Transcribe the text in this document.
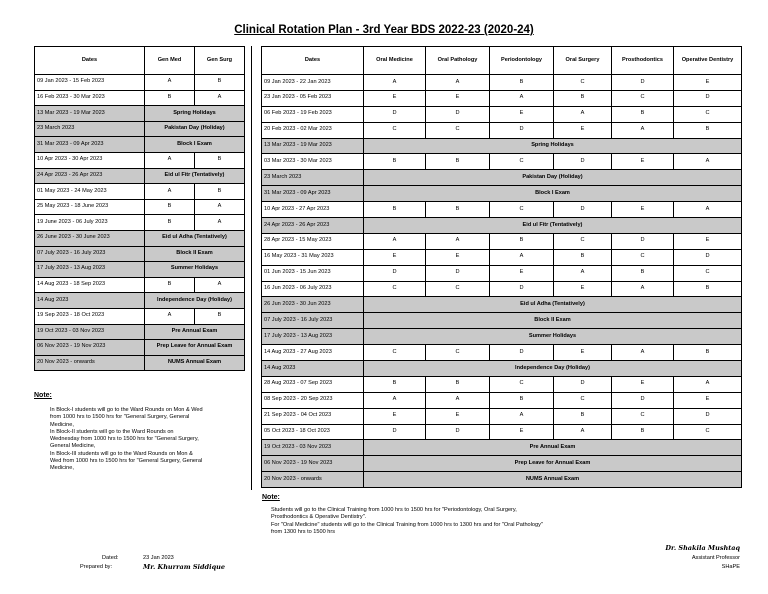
Clinical Rotation Plan - 3rd Year BDS 2022-23 (2020-24)
Dates	Gen Med	Gen Surg
09 Jan 2023 - 15 Feb 2023	A	B
16 Feb 2023 - 30 Mar 2023	B	A
13 Mar 2023 - 19 Mar 2023	Spring Holidays	
23 March 2023	Pakistan Day (Holiday)	
31 Mar 2023 - 09 Apr 2023	Block I Exam	
10 Apr 2023 - 30 Apr 2023	A	B
24 Apr 2023 - 26 Apr 2023	Eid ul Fitr (Tentatively)	
01 May 2023 - 24 May 2023	A	B
25 May 2023 - 18 June 2023	B	A
19 June 2023 - 06 July 2023	B	A
26 June 2023 - 30 June 2023	Eid ul Adha (Tentatively)	
07 July 2023 - 16 July 2023	Block II Exam	
17 July 2023 - 13 Aug 2023	Summer Holidays	
14 Aug 2023 - 18 Sep 2023	B	A
14 Aug 2023	Independence Day (Holiday)	
19 Sep 2023 - 18 Oct 2023	A	B
19 Oct 2023 - 03 Nov 2023	Pre Annual Exam	
06 Nov 2023 - 19 Nov 2023	Prep Leave for Annual Exam	
20 Nov 2023 - onwards	NUMS Annual Exam	
Dates	Oral Medicine	Oral Pathology	Periodontology	Oral Surgery	Prosthodontics	Operative Dentistry
09 Jan 2023 - 22 Jan 2023	A	A	B	C	D	E
23 Jan 2023 - 05 Feb 2023	E	E	A	B	C	D
06 Feb 2023 - 19 Feb 2023	D	D	E	A	B	C
20 Feb 2023 - 02 Mar 2023	C	C	D	E	A	B
13 Mar 2023 - 19 Mar 2023	Spring Holidays					
03 Mar 2023 - 30 Mar 2023	B	B	C	D	E	A
23 March 2023	Pakistan Day (Holiday)					
31 Mar 2023 - 09 Apr 2023	Block I Exam					
10 Apr 2023 - 27 Apr 2023	B	B	C	D	E	A
24 Apr 2023 - 26 Apr 2023	Eid ul Fitr (Tentatively)					
28 Apr 2023 - 15 May 2023	A	A	B	C	D	E
16 May 2023 - 31 May 2023	E	E	A	B	C	D
01 Jun 2023 - 15 Jun 2023	D	D	E	A	B	C
16 Jun 2023 - 06 July 2023	C	C	D	E	A	B
26 Jun 2023 - 30 Jun 2023	Eid ul Adha (Tentatively)					
07 July 2023 - 16 July 2023	Block II Exam					
17 July 2023 - 13 Aug 2023	Summer Holidays					
14 Aug 2023 - 27 Aug 2023	C	C	D	E	A	B
14 Aug 2023	Independence Day (Holiday)					
28 Aug 2023 - 07 Sep 2023	B	B	C	D	E	A
08 Sep 2023 - 20 Sep 2023	A	A	B	C	D	E
21 Sep 2023 - 04 Oct 2023	E	E	A	B	C	D
05 Oct 2023 - 18 Oct 2023	D	D	E	A	B	C
19 Oct 2023 - 03 Nov 2023	Pre Annual Exam					
06 Nov 2023 - 19 Nov 2023	Prep Leave for Annual Exam					
20 Nov 2023 - onwards	NUMS Annual Exam					
Note:

In Block-I students will go to the Ward Rounds on Mon & Wed

from 1000 hrs to 1500 hrs for "General Surgery, General

Medicine,

In Block-II students will go to the Ward Rounds on

Wednesday from 1000 hrs to 1500 hrs for "General Surgery,

General Medicine,

In Block-III students will go to the Ward Rounds on Mon &

Wed from 1000 hrs to 1500 hrs for "General Surgery, General

Medicine,

Note:

Students will go to the Clinical Training from 1000 hrs to 1500 hrs for "Periodontology, Oral Surgery,

Prosthodontics & Operative Dentistry".

For "Oral Medicine" students will go to the Clinical Training from 1000 hrs to 1300 hrs and for "Oral Pathology"

from 1300 hrs to 1500 hrs

Dated:	23 Jan 2023
Prepared by:	Mr. Khurram Siddique
Dr. Shakila Mushtaq
Assistant Professor
SHaPE
